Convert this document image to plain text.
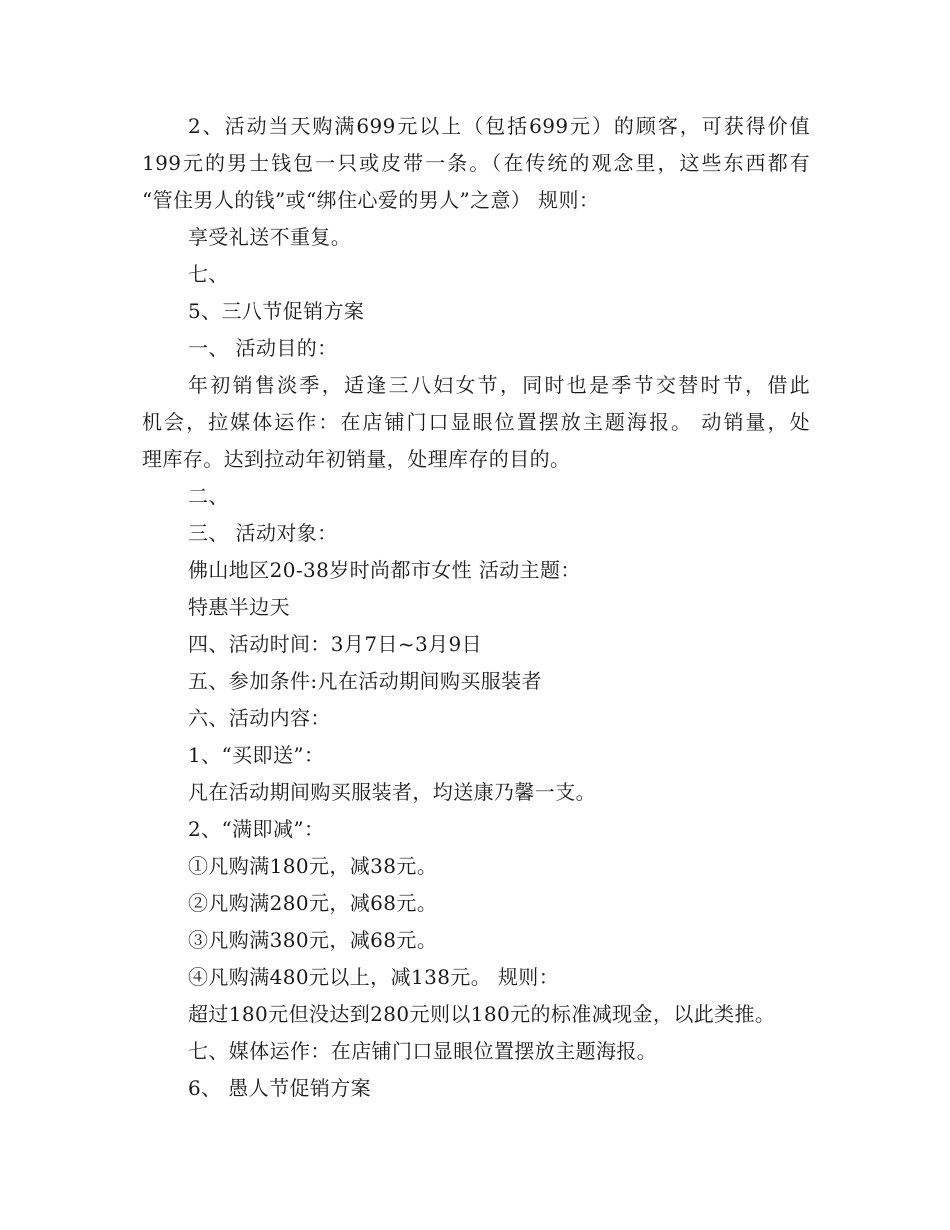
2、活动当天购满699元以上（包括699元）的顾客，可获得价值
199元的男士钱包一只或皮带一条。（在传统的观念里，这些东西都有
“管住男人的钱”或“绑住心爱的男人”之意） 规则：
享受礼送不重复。
七、
5、三八节促销方案
一、 活动目的：
年初销售淡季，适逢三八妇女节，同时也是季节交替时节，借此
机会，拉媒体运作：在店铺门口显眼位置摆放主题海报。 动销量，处
理库存。达到拉动年初销量，处理库存的目的。
二、
三、 活动对象：
佛山地区20-38岁时尚都市女性 活动主题：
特惠半边天
四、活动时间：3月7日~3月9日
五、参加条件:凡在活动期间购买服装者
六、活动内容：
1、“买即送”：
凡在活动期间购买服装者，均送康乃馨一支。
2、“满即减”：
①凡购满180元，减38元。
②凡购满280元，减68元。
③凡购满380元，减68元。
④凡购满480元以上，减138元。 规则：
超过180元但没达到280元则以180元的标准减现金，以此类推。
七、媒体运作：在店铺门口显眼位置摆放主题海报。
6、 愚人节促销方案
